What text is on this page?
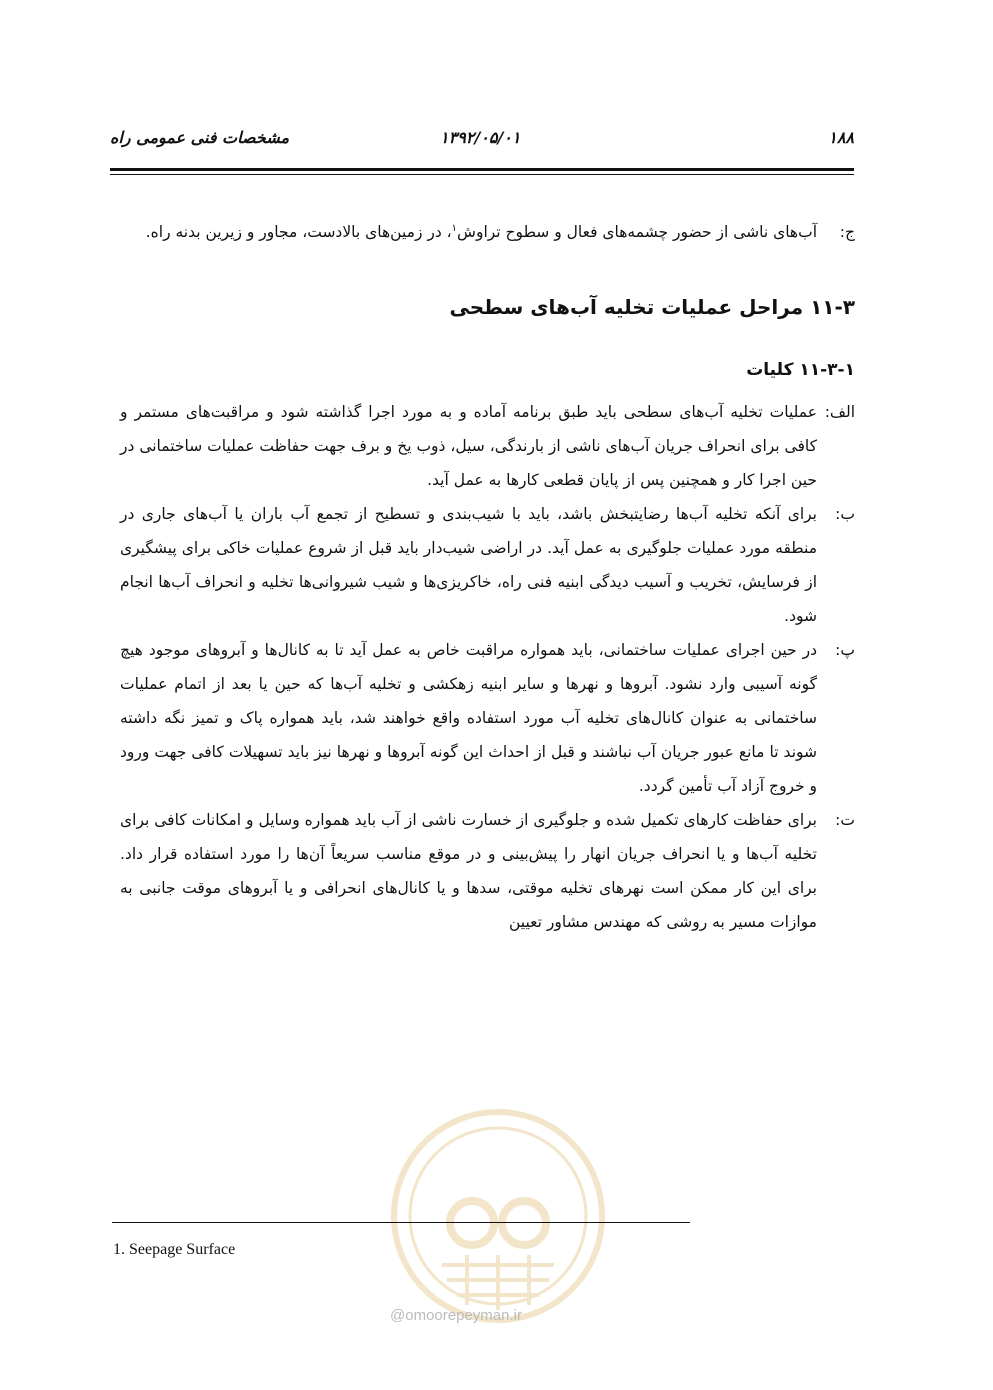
مشخصات فنی عمومی راه	۱۳۹۲/۰۵/۰۱	۱۸۸

ج:
آب‌های ناشی از حضور چشمه‌های فعال و سطوح تراوش$^۱$، در زمین‌های بالادست، مجاور و زیرین بدنه راه.

۱۱-۳ مراحل عملیات تخلیه آب‌های سطحی

۱۱-۳-۱ کلیات

الف:
عملیات تخلیه آب‌های سطحی باید طبق برنامه آماده و به مورد اجرا گذاشته شود و مراقبت‌های مستمر و کافی برای انحراف جریان آب‌های ناشی از بارندگی، سیل، ذوب یخ و برف جهت حفاظت عملیات ساختمانی در حین اجرا کار و همچنین پس از پایان قطعی کارها به عمل آید.

ب:
برای آنکه تخلیه آب‌ها رضایتبخش باشد، باید با شیب‌بندی و تسطیح از تجمع آب باران یا آب‌های جاری در منطقه مورد عملیات جلوگیری به عمل آید. در اراضی شیب‌دار باید قبل از شروع عملیات خاکی برای پیشگیری از فرسایش، تخریب و آسیب دیدگی ابنیه فنی راه، خاکریزی‌ها و شیب شیروانی‌ها تخلیه و انحراف آب‌ها انجام شود.

پ:
در حین اجرای عملیات ساختمانی، باید همواره مراقبت خاص به عمل آید تا به کانال‌ها و آبروهای موجود هیچ گونه آسیبی وارد نشود. آبروها و نهرها و سایر ابنیه زهکشی و تخلیه آب‌ها که حین یا بعد از اتمام عملیات ساختمانی به عنوان کانال‌های تخلیه آب مورد استفاده واقع خواهند شد، باید همواره پاک و تمیز نگه داشته شوند تا مانع عبور جریان آب نباشند و قبل از احداث این گونه آبروها و نهرها نیز باید تسهیلات کافی جهت ورود و خروج آزاد آب تأمین گردد.

ت:
برای حفاظت کارهای تکمیل شده و جلوگیری از خسارت ناشی از آب باید همواره وسایل و امکانات کافی برای تخلیه آب‌ها و یا انحراف جریان انهار را پیش‌بینی و در موقع مناسب سریعاً آن‌ها را مورد استفاده قرار داد. برای این کار ممکن است نهرهای تخلیه موقتی، سدها و یا کانال‌های انحرافی و یا آبروهای موقت جانبی به موازات مسیر به روشی که مهندس مشاور تعیین

@omoorepeyman.ir
1. Seepage Surface
